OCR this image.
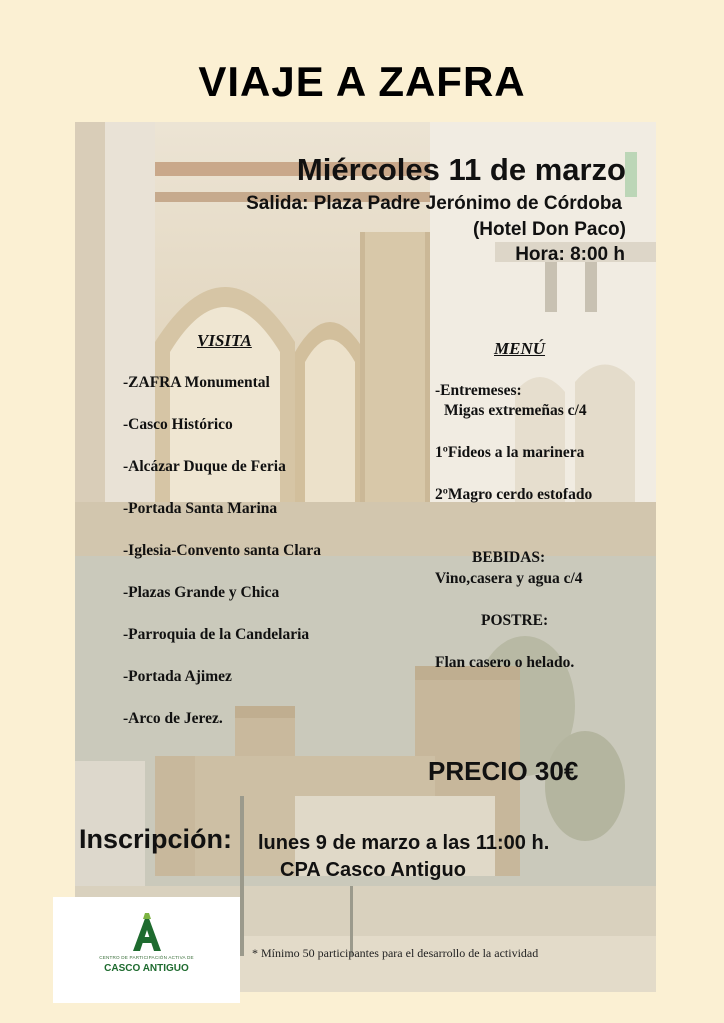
VIAJE A ZAFRA
Miércoles 11 de marzo
Salida: Plaza Padre Jerónimo de Córdoba
(Hotel Don Paco)
Hora: 8:00 h
VISITA
-ZAFRA Monumental
-Casco Histórico
-Alcázar Duque de Feria
-Portada Santa Marina
-Iglesia-Convento santa Clara
-Plazas Grande y Chica
-Parroquia de la Candelaria
-Portada Ajimez
-Arco de Jerez.
MENÚ
-Entremeses:
Migas extremeñas c/4
1ºFideos a la marinera
2ºMagro cerdo estofado
BEBIDAS:
Vino,casera y agua c/4
POSTRE:
Flan casero o helado.
PRECIO 30€
Inscripción: lunes 9 de marzo a las 11:00 h.
CPA Casco Antiguo
CENTRO DE PARTICIPACIÓN ACTIVA DE
CASCO ANTIGUO
* Mínimo 50 participantes para el desarrollo de la actividad
